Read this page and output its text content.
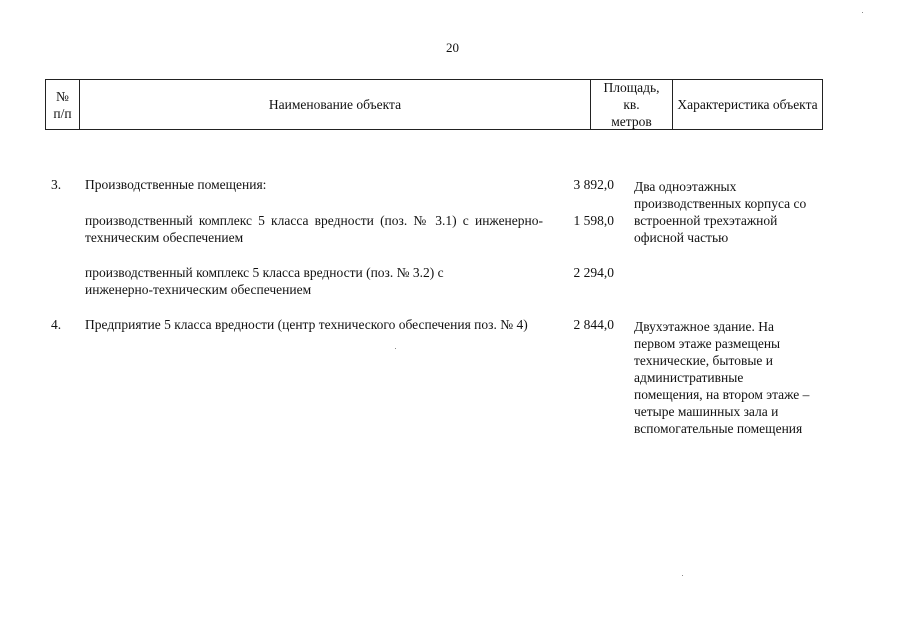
20
№
п/п
Наименование объекта
Площадь,
кв.
метров
Характеристика объекта
3. Производственные помещения:	3 892,0 Два одноэтажных производственных корпуса со встроенной трехэтажной офисной частью
производственный комплекс 5 класса вредности (поз. № 3.1) с инженерно-техническим обеспечением
1 598,0
производственный комплекс 5 класса вредности (поз. № 3.2) с инженерно-техническим обеспечением
2 294,0
4. Предприятие 5 класса вредности (центр технического обеспечения поз. № 4)	2 844,0 Двухэтажное здание. На первом этаже размещены технические, бытовые и административные помещения, на втором этаже – четыре машинных зала и вспомогательные помещения
